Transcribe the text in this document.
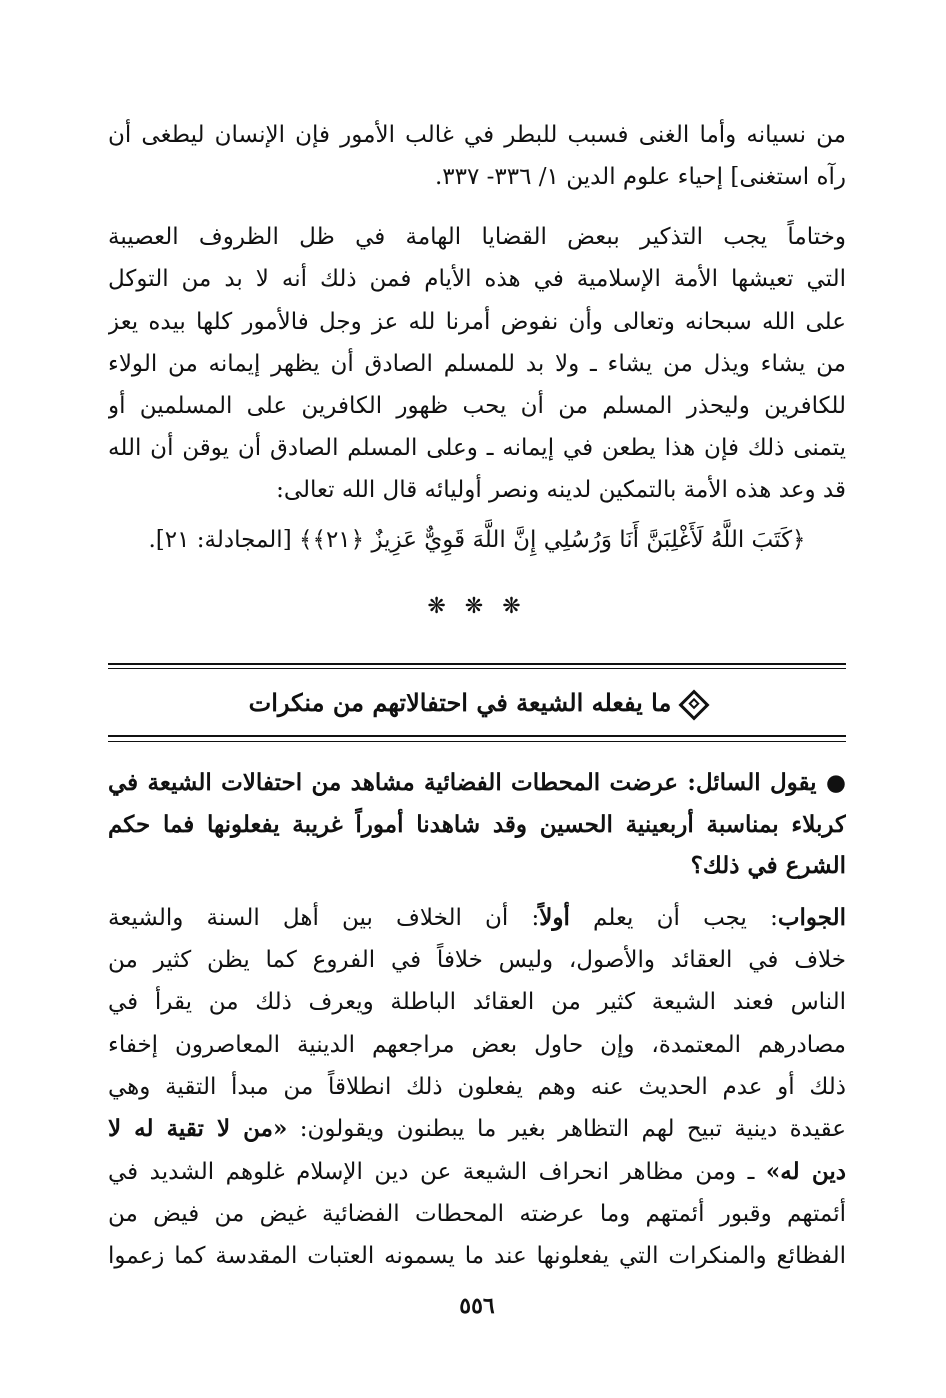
من نسيانه وأما الغنى فسبب للبطر في غالب الأمور فإن الإنسان ليطغى أن
رآه استغنى] إحياء علوم الدين ١/ ٣٣٦- ٣٣٧.
وختاماً يجب التذكير ببعض القضايا الهامة في ظل الظروف العصيبة
التي تعيشها الأمة الإسلامية في هذه الأيام فمن ذلك أنه لا بد من التوكل
على الله سبحانه وتعالى وأن نفوض أمرنا لله عز وجل فالأمور كلها بيده يعز
من يشاء ويذل من يشاء ـ ولا بد للمسلم الصادق أن يظهر إيمانه من الولاء
للكافرين وليحذر المسلم من أن يحب ظهور الكافرين على المسلمين أو
يتمنى ذلك فإن هذا يطعن في إيمانه ـ وعلى المسلم الصادق أن يوقن أن الله
قد وعد هذه الأمة بالتمكين لدينه ونصر أوليائه قال الله تعالى:
﴿كَتَبَ اللَّهُ لَأَغْلِبَنَّ أَنَا وَرُسُلِي إِنَّ اللَّهَ قَوِيٌّ عَزِيزٌ ﴿٢١﴾﴾ [المجادلة: ٢١].
❋ ❋ ❋
ما يفعله الشيعة في احتفالاتهم من منكرات
● يقول السائل: عرضت المحطات الفضائية مشاهد من احتفالات الشيعة في
كربلاء بمناسبة أربعينية الحسين وقد شاهدنا أموراً غريبة يفعلونها فما حكم
الشرع في ذلك؟
الجواب: يجب أن يعلم أولاً: أن الخلاف بين أهل السنة والشيعة
خلاف في العقائد والأصول، وليس خلافاً في الفروع كما يظن كثير من
الناس فعند الشيعة كثير من العقائد الباطلة ويعرف ذلك من يقرأ في
مصادرهم المعتمدة، وإن حاول بعض مراجعهم الدينية المعاصرون إخفاء
ذلك أو عدم الحديث عنه وهم يفعلون ذلك انطلاقاً من مبدأ التقية وهي
عقيدة دينية تبيح لهم التظاهر بغير ما يبطنون ويقولون: «من لا تقية له لا
دين له» ـ ومن مظاهر انحراف الشيعة عن دين الإسلام غلوهم الشديد في
أئمتهم وقبور أئمتهم وما عرضته المحطات الفضائية غيض من فيض من
الفظائع والمنكرات التي يفعلونها عند ما يسمونه العتبات المقدسة كما زعموا
٥٥٦
